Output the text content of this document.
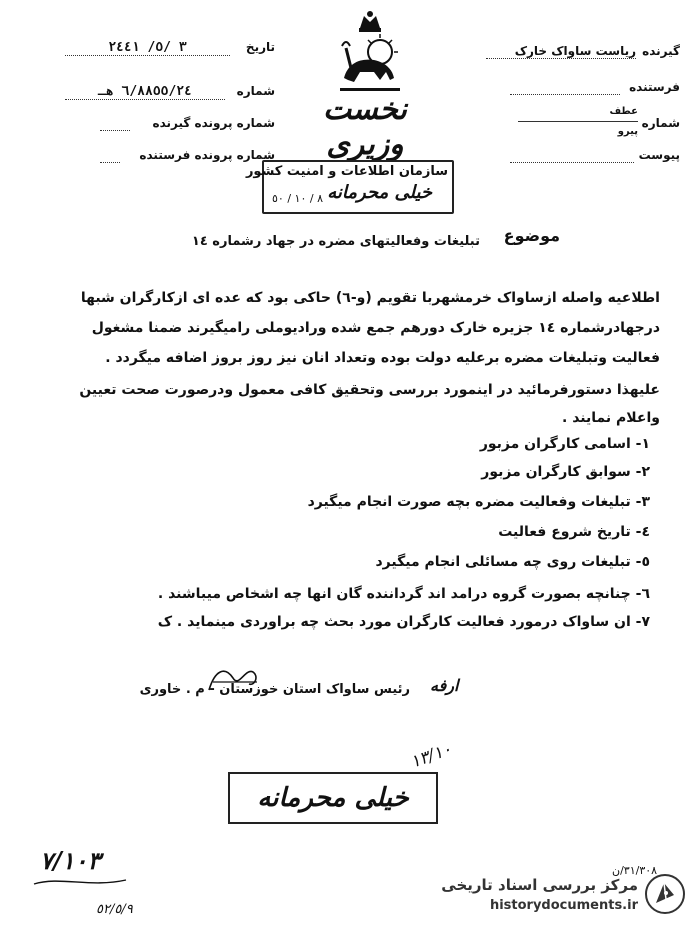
نخست وزیری
تاریخ
٣ /٥/ ٢٤٤١
شماره
٦/٨٨٥٥/٢٤ هـ
شماره پرونده گیرنده
شماره پرونده فرستنده
گیرنده
ریاست ساواک خارک
فرستنده
شماره
عطف
پیرو
پیوست
سازمان اطلاعات و امنیت کشور
خیلی محرمانه
٨ / ١٠ / ٥٠
موضوع
تبلیغات وفعالیتهای مضره در جهاد رشماره ١٤
اطلاعیه واصله ازساواک خرمشهربا تقویم (و-٦) حاکی بود که عده ای ازکارگران شبها
درجهادرشماره ١٤ جزیره خارک دورهم جمع شده ورادیوملی رامیگیرند ضمنا مشغول
فعالیت وتبلیغات مضره برعلیه دولت بوده وتعداد انان نیز روز بروز اضافه میگردد .
علیهذا دستورفرمائید در اینمورد بررسی وتحقیق کافی معمول ودرصورت صحت تعیین
واعلام نمایند .
١- اسامی کارگران مزبور
٢- سوابق کارگران مزبور
٣- تبلیغات وفعالیت مضره بچه صورت انجام میگیرد
٤- تاریخ شروع فعالیت
٥- تبلیغات روی چه مسائلی انجام میگیرد
٦- چنانچه بصورت گروه درامد اند گرداننده گان انها چه اشخاص میباشند .
٧- ان ساواک درمورد فعالیت کارگران مورد بحث چه براوردی مینماید . ک
رئیس ساواک استان خوزستان - م . خاوری ارفه
١٣/١٠
خیلی محرمانه
٧/١٠٣
٥٢/٥/٩
٣١/٣٠٨/ن
مرکز بررسی اسناد تاریخی
historydocuments.ir
